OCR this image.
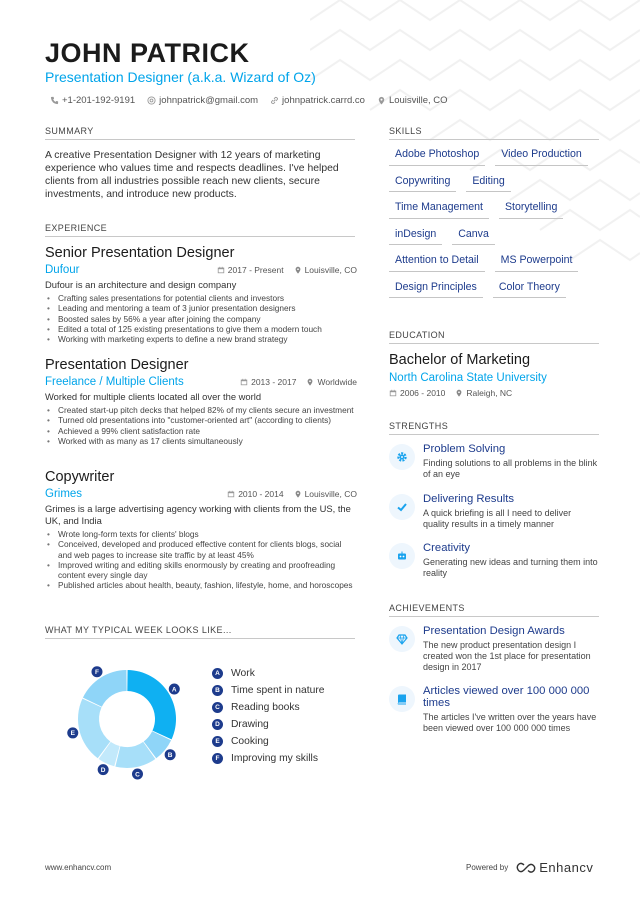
JOHN PATRICK
Presentation Designer (a.k.a. Wizard of Oz)
+1-201-192-9191	johnpatrick@gmail.com	johnpatrick.carrd.co	Louisville, CO
SUMMARY
A creative Presentation Designer with 12 years of marketing experience who values time and respects deadlines. I've helped clients from all industries possible reach new clients, secure investments, and introduce new products.
EXPERIENCE
Senior Presentation Designer
Dufour	2017 - Present Louisville, CO
Dufour is an architecture and design company
• Crafting sales presentations for potential clients and investors
• Leading and mentoring a team of 3 junior presentation designers
• Boosted sales by 56% a year after joining the company
• Edited a total of 125 existing presentations to give them a modern touch
• Working with marketing experts to define a new brand strategy
Presentation Designer
Freelance / Multiple Clients	2013 - 2017 Worldwide
Worked for multiple clients located all over the world
• Created start-up pitch decks that helped 82% of my clients secure an investment
• Turned old presentations into "customer-oriented art" (according to clients)
• Achieved a 99% client satisfaction rate
• Worked with as many as 17 clients simultaneously
Copywriter
Grimes	2010 - 2014 Louisville, CO
Grimes is a large advertising agency working with clients from the US, the UK, and India
• Wrote long-form texts for clients' blogs
• Conceived, developed and produced effective content for clients blogs, social and web pages to increase site traffic by at least 45%
• Improved writing and editing skills enormously by creating and proofreading content every single day
• Published articles about health, beauty, fashion, lifestyle, home, and horoscopes
WHAT MY TYPICAL WEEK LOOKS LIKE...
A
B
C
D
E
F	A	Work
B	Time spent in nature
C	Reading books
D	Drawing
E	Cooking
F	Improving my skills
SKILLS
Adobe Photoshop	Video Production
Copywriting	Editing
Time Management	Storytelling
inDesign	Canva
Attention to Detail	MS Powerpoint
Design Principles	Color Theory
EDUCATION
Bachelor of Marketing
North Carolina State University
2006 - 2010 Raleigh, NC
STRENGTHS
Problem Solving
Finding solutions to all problems in the blink of an eye
Delivering Results
A quick briefing is all I need to deliver quality results in a timely manner
Creativity
Generating new ideas and turning them into reality
ACHIEVEMENTS
Presentation Design Awards
The new product presentation design I created won the 1st place for presentation design in 2017
Articles viewed over 100 000 000 times
The articles I've written over the years have been viewed over 100 000 000 times
www.enhancv.com	Powered by Enhancv
